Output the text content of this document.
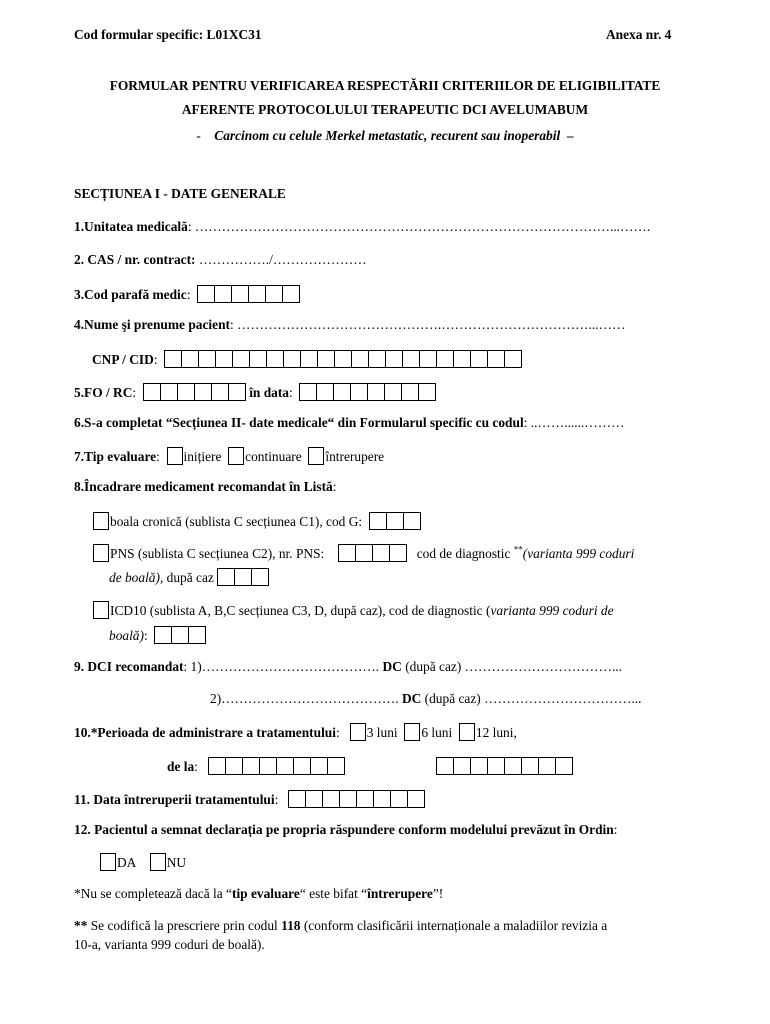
Cod formular specific: L01XC31	Anexa nr. 4
FORMULAR PENTRU VERIFICAREA RESPECTĂRII CRITERIILOR DE ELIGIBILITATE
AFERENTE PROTOCOLULUI TERAPEUTIC DCI AVELUMABUM
- Carcinom cu celule Merkel metastatic, recurent sau inoperabil –
SECȚIUNEA I - DATE GENERALE
1.Unitatea medicală: …………………………………………………………………………………...…….
2. CAS / nr. contract: ……………./…………………
3.Cod parafă medic:
4.Nume şi prenume pacient: ……………………………………….……………………………...……
CNP / CID:
5.FO / RC:	în data:
6.S-a completat “Secțiunea II- date medicale“ din Formularul specific cu codul: ..……......………
7.Tip evaluare:  inițiere continuare întrerupere
8.Încadrare medicament recomandat în Listă:
boala cronică (sublista C secțiunea C1), cod G:
PNS (sublista C secțiunea C2), nr. PNS:	cod de diagnostic **(varianta 999 coduri
de boală), după caz
ICD10 (sublista A, B,C secțiunea C3, D, după caz), cod de diagnostic (varianta 999 coduri de
boală):
9. DCI recomandat: 1)…………………………………. DC (după caz) ……………………………...
2)…………………………………. DC (după caz) ……………………………...
10.*Perioada de administrare a tratamentului:   3 luni 6 luni 12 luni,
de la:
11. Data întreruperii tratamentului:
12. Pacientul a semnat declarația pe propria răspundere conform modelului prevăzut în Ordin:
DA NU
*Nu se completează dacă la “tip evaluare“ este bifat “întrerupere”!
** Se codifică la prescriere prin codul 118 (conform clasificării internaționale a maladiilor revizia a
10-a, varianta 999 coduri de boală).
